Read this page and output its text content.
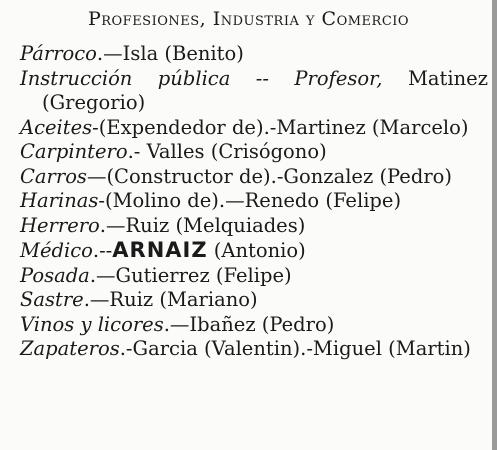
Profesiones, Industria y Comercio
Párroco.—Isla (Benito)
Instrucción pública -- Profesor, Matinez (Gregorio)
Aceites-(Expendedor de).-Martinez (Marcelo)
Carpintero.- Valles (Crisógono)
Carros—(Constructor de).-Gonzalez (Pedro)
Harinas-(Molino de).—Renedo (Felipe)
Herrero.—Ruiz (Melquiades)
Médico.--ARNAIZ (Antonio)
Posada.—Gutierrez (Felipe)
Sastre.—Ruiz (Mariano)
Vinos y licores.—Ibañez (Pedro)
Zapateros.-Garcia (Valentin).-Miguel (Martin)
